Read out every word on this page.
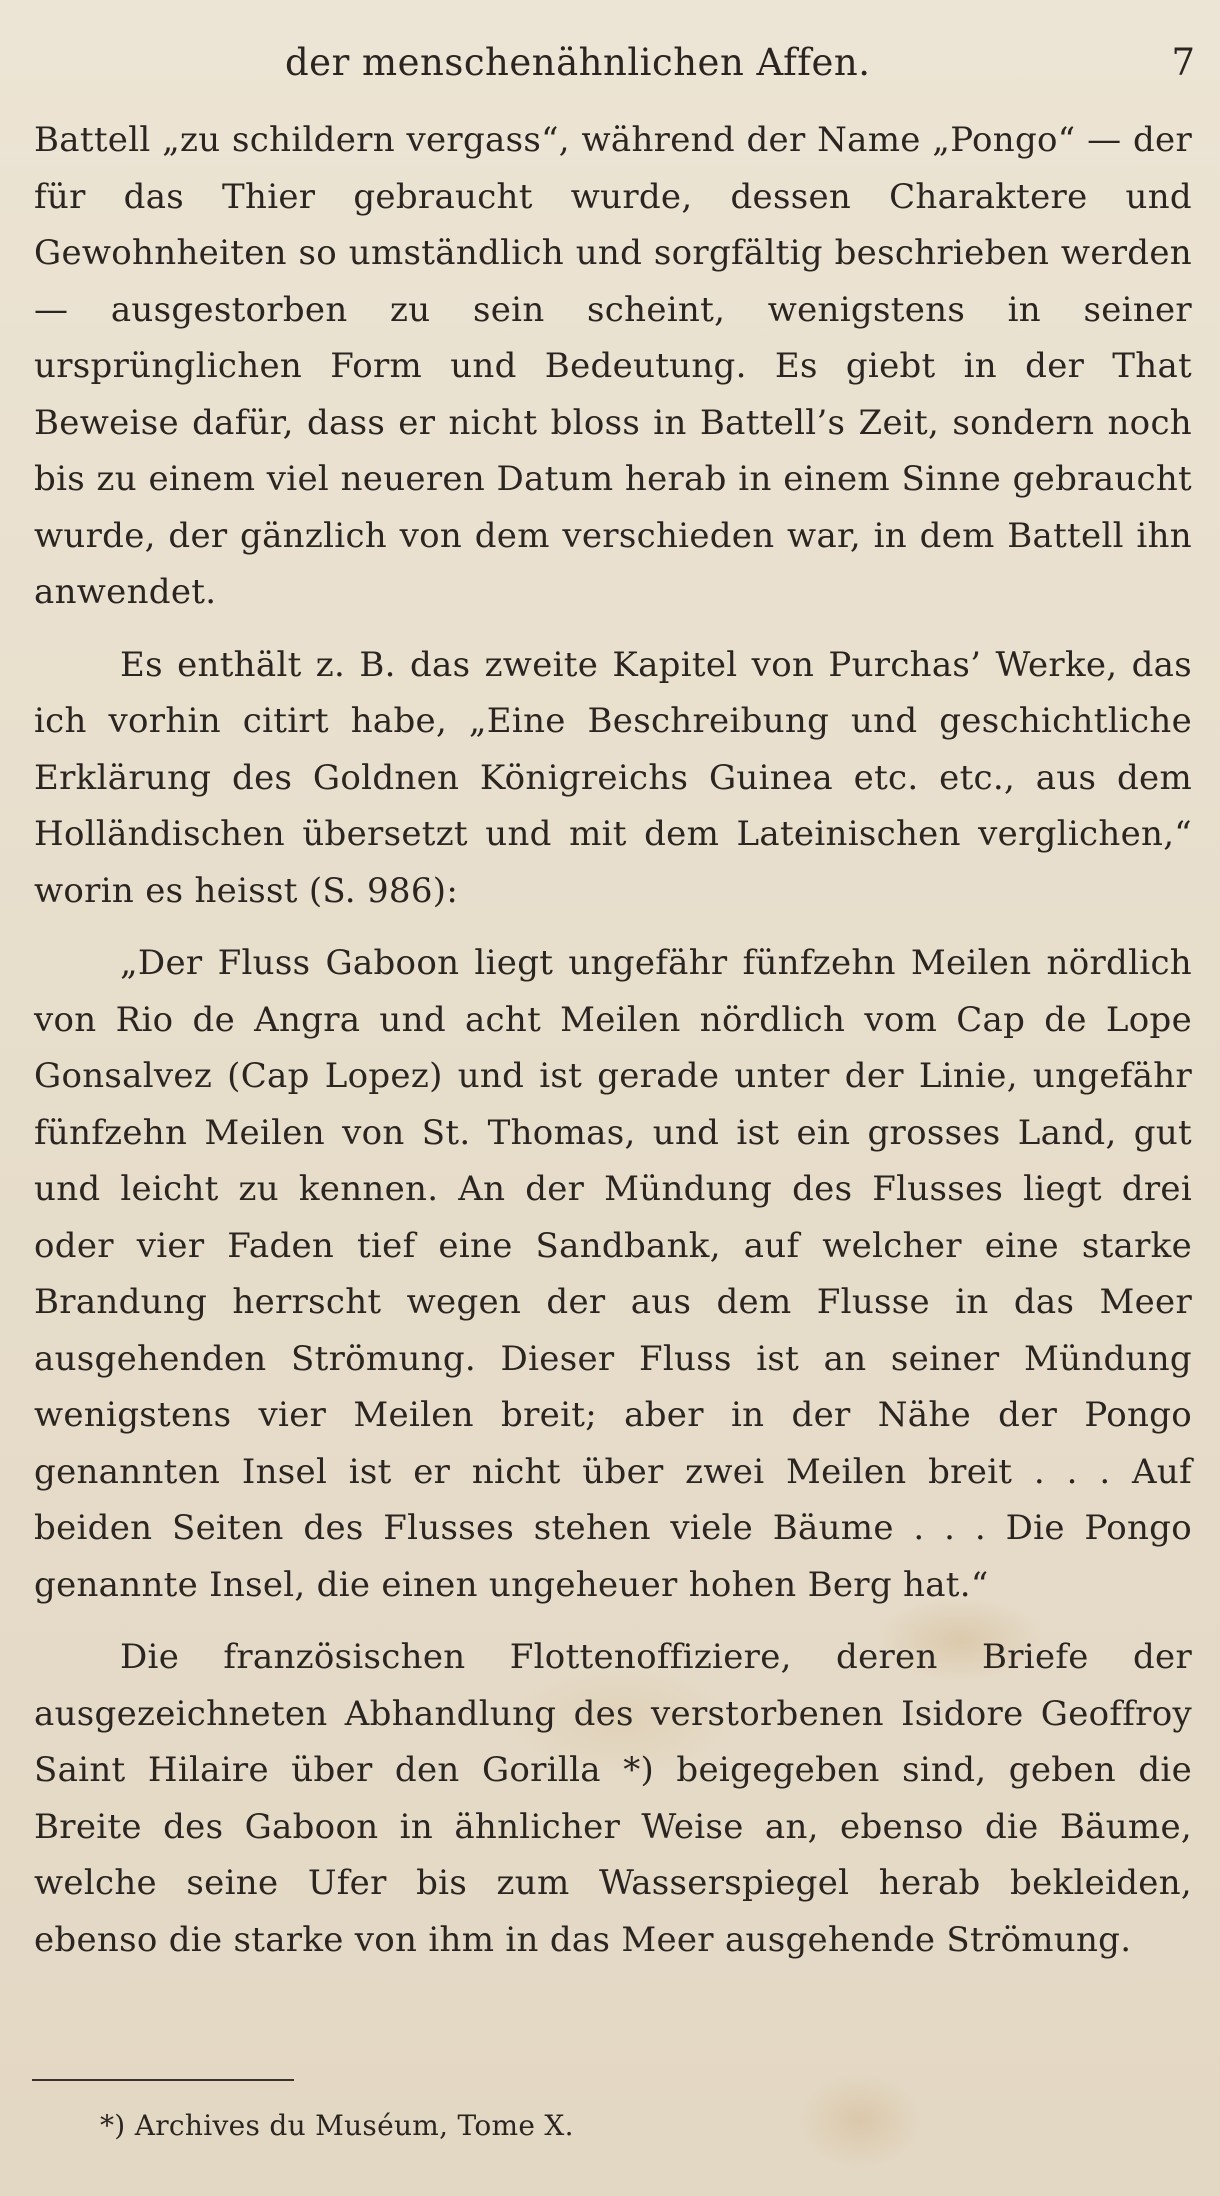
der menschenähnlichen Affen.	7

Battell „zu schildern vergass“, während der Name „Pongo“ — der für das Thier gebraucht wurde, dessen Charaktere und Gewohnheiten so umständlich und sorgfältig beschrieben werden — ausgestorben zu sein scheint, wenigstens in seiner ursprünglichen Form und Bedeutung. Es giebt in der That Beweise dafür, dass er nicht bloss in Battell’s Zeit, sondern noch bis zu einem viel neueren Datum herab in einem Sinne gebraucht wurde, der gänzlich von dem verschieden war, in dem Battell ihn anwendet.

Es enthält z. B. das zweite Kapitel von Purchas’ Werke, das ich vorhin citirt habe, „Eine Beschreibung und geschichtliche Erklärung des Goldnen Königreichs Guinea etc. etc., aus dem Holländischen übersetzt und mit dem Lateinischen verglichen,“ worin es heisst (S. 986):

„Der Fluss Gaboon liegt ungefähr fünfzehn Meilen nördlich von Rio de Angra und acht Meilen nördlich vom Cap de Lope Gonsalvez (Cap Lopez) und ist gerade unter der Linie, ungefähr fünfzehn Meilen von St. Thomas, und ist ein grosses Land, gut und leicht zu kennen. An der Mündung des Flusses liegt drei oder vier Faden tief eine Sandbank, auf welcher eine starke Brandung herrscht wegen der aus dem Flusse in das Meer ausgehenden Strömung. Dieser Fluss ist an seiner Mündung wenigstens vier Meilen breit; aber in der Nähe der Pongo genannten Insel ist er nicht über zwei Meilen breit . . . Auf beiden Seiten des Flusses stehen viele Bäume . . . Die Pongo genannte Insel, die einen ungeheuer hohen Berg hat.“

Die französischen Flottenoffiziere, deren Briefe der ausgezeichneten Abhandlung des verstorbenen Isidore Geoffroy Saint Hilaire über den Gorilla *) beigegeben sind, geben die Breite des Gaboon in ähnlicher Weise an, ebenso die Bäume, welche seine Ufer bis zum Wasserspiegel herab bekleiden, ebenso die starke von ihm in das Meer ausgehende Strömung.

*) Archives du Muséum, Tome X.
